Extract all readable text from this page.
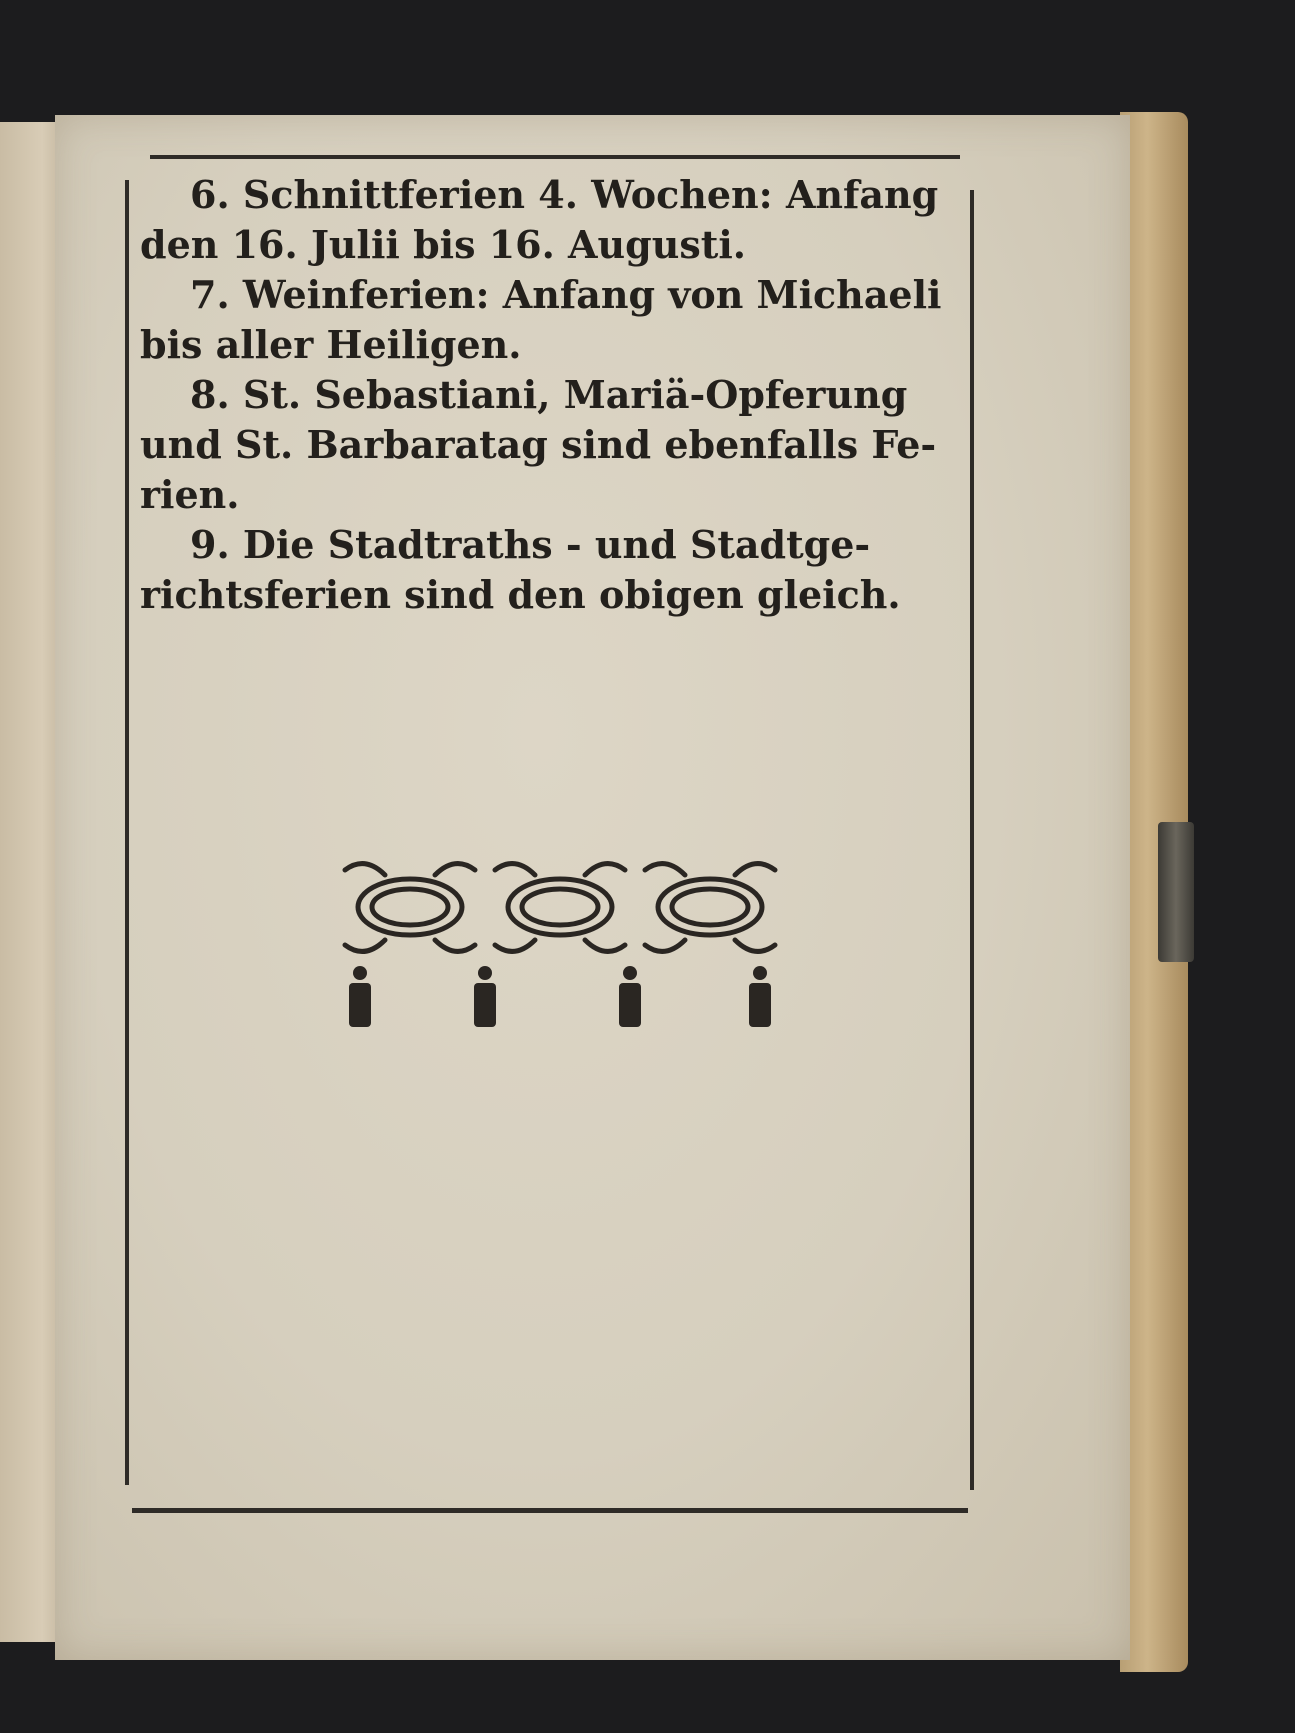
6. Schnittferien 4. Wochen: Anfang
den 16. Julii bis 16. Augusti.

7. Weinferien: Anfang von Michaeli
bis aller Heiligen.

8. St. Sebastiani, Mariä-Opferung
und St. Barbaratag sind ebenfalls Fe-
rien.

9. Die Stadtraths - und Stadtge-
richtsferien sind den obigen gleich.
